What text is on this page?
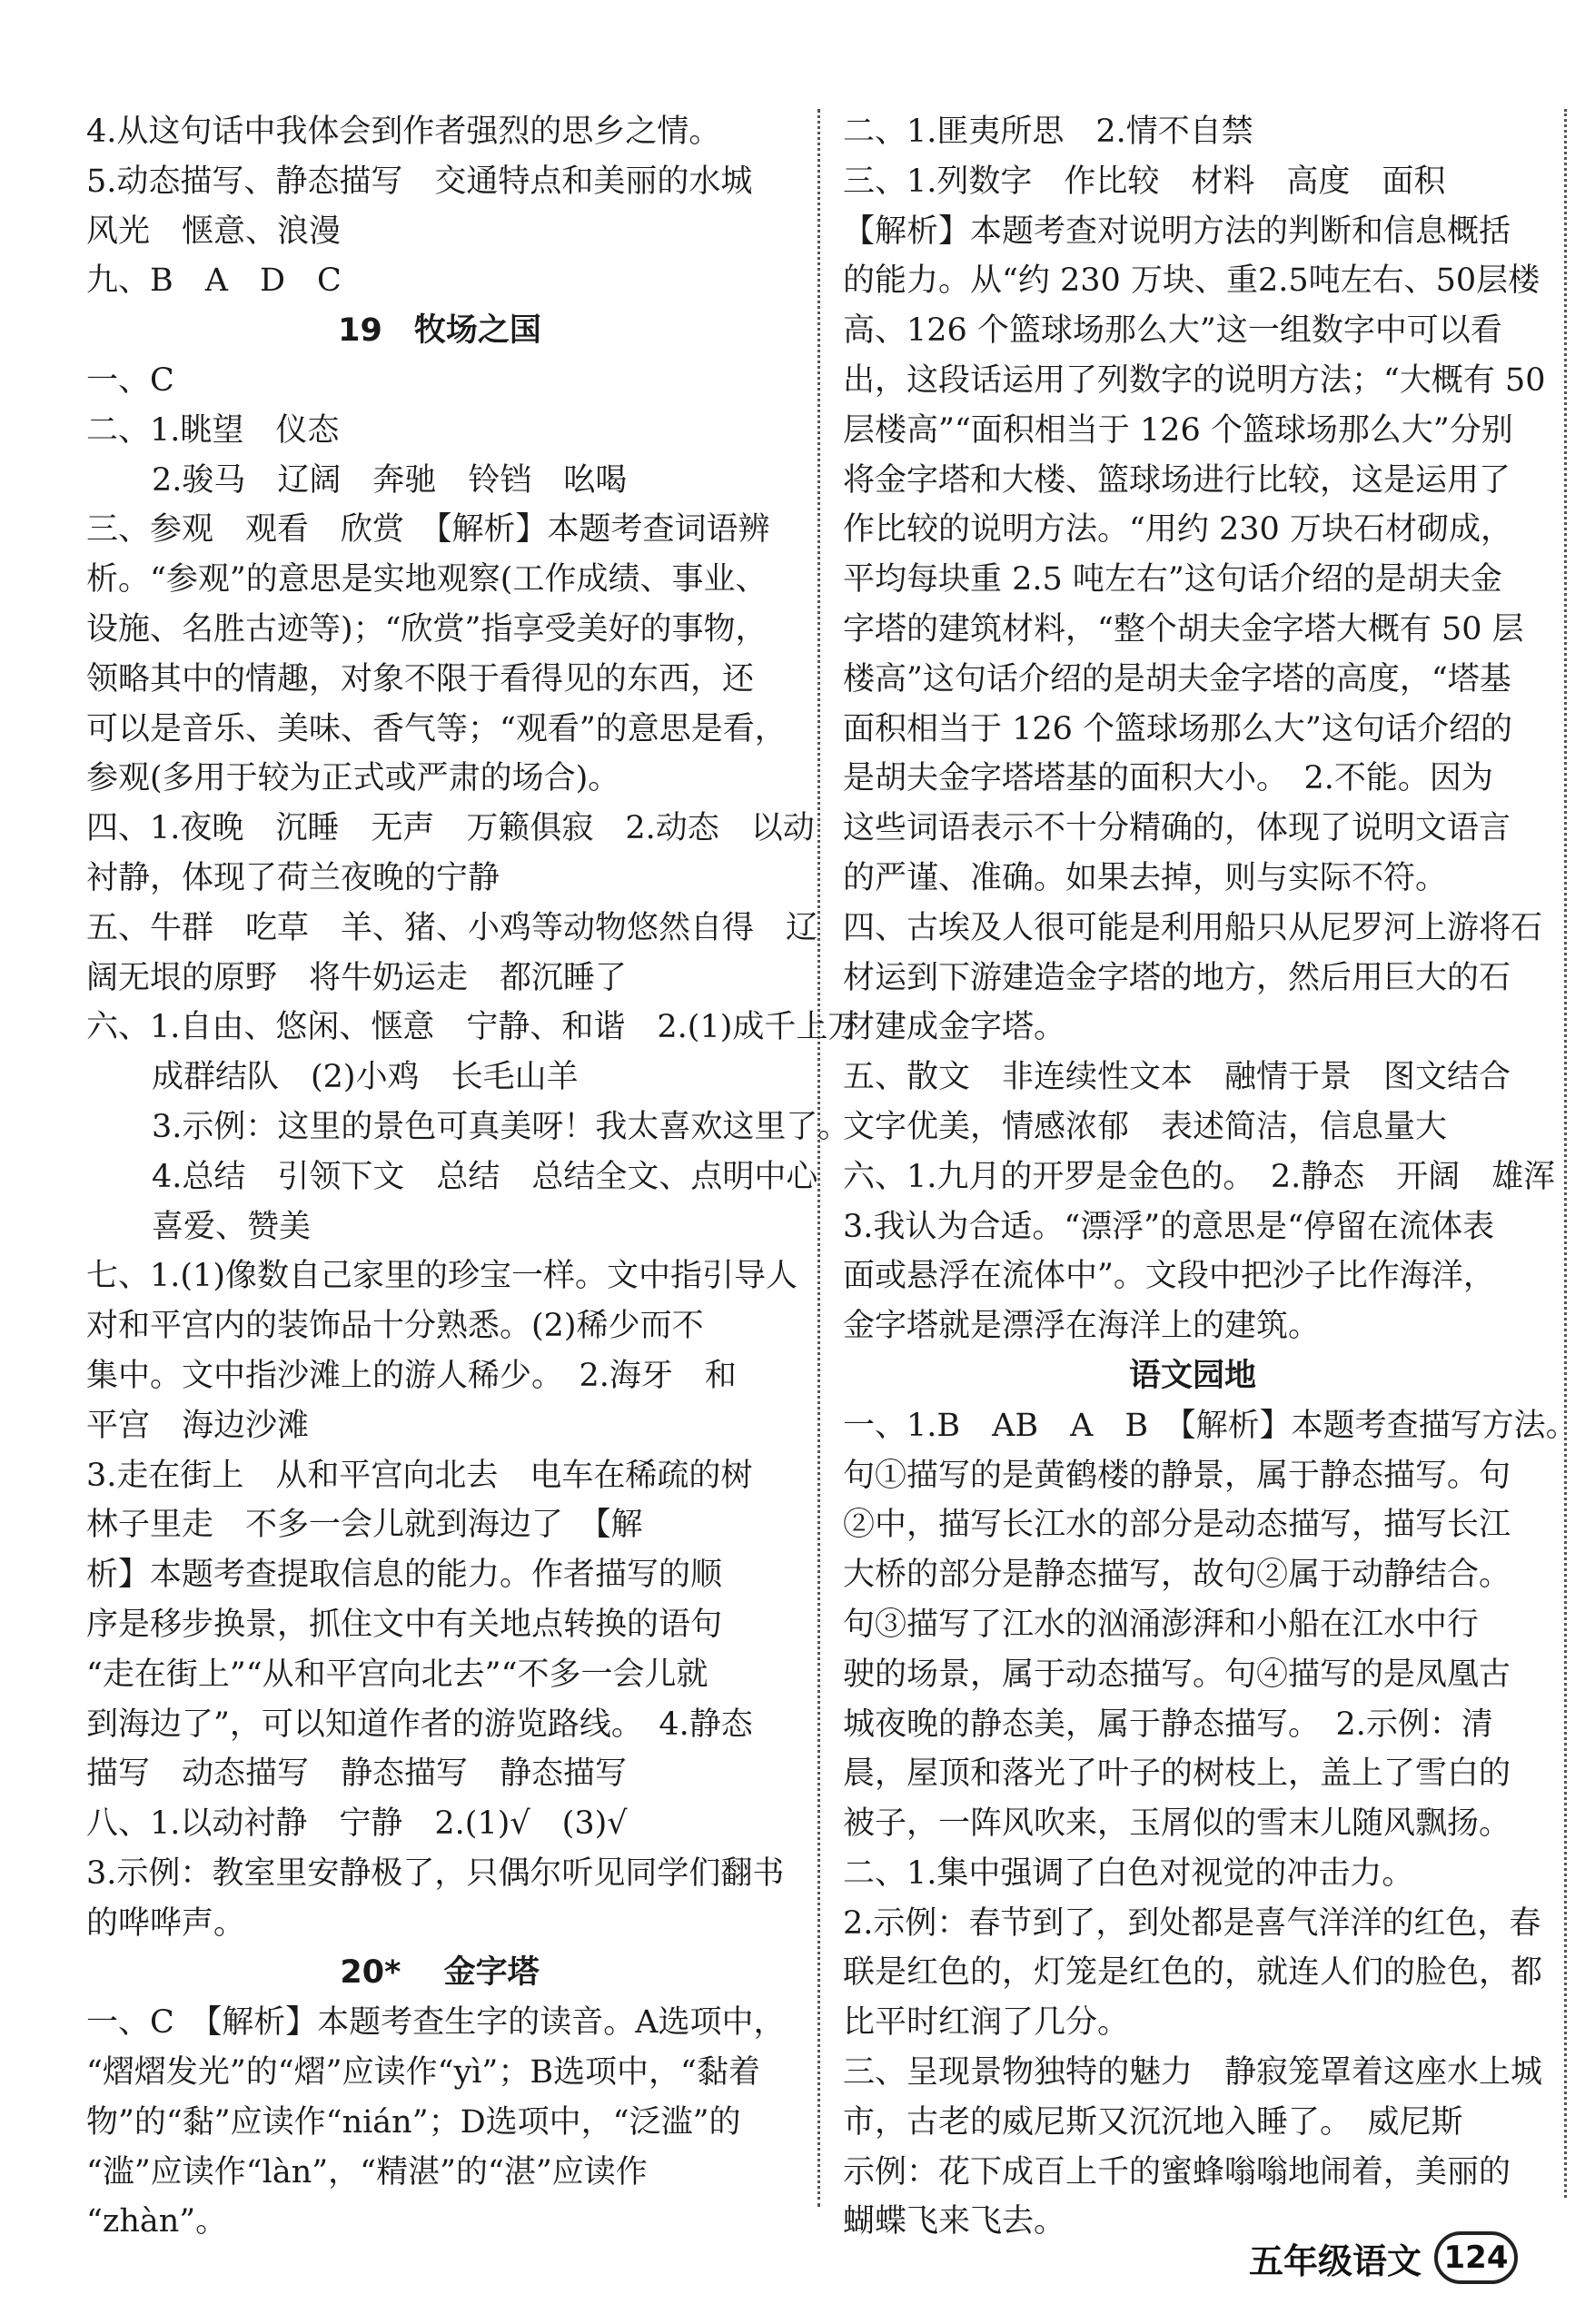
4.从这句话中我体会到作者强烈的思乡之情。
5.动态描写、静态描写　交通特点和美丽的水城
风光　惬意、浪漫
九、B　A　D　C
19　牧场之国
一、C
二、1.眺望　仪态
2.骏马　辽阔　奔驰　铃铛　吆喝
三、参观　观看　欣赏　【解析】本题考查词语辨
析。“参观”的意思是实地观察(工作成绩、事业、
设施、名胜古迹等)；“欣赏”指享受美好的事物，
领略其中的情趣，对象不限于看得见的东西，还
可以是音乐、美味、香气等；“观看”的意思是看，
参观(多用于较为正式或严肃的场合)。
四、1.夜晚　沉睡　无声　万籁俱寂　2.动态　以动
衬静，体现了荷兰夜晚的宁静
五、牛群　吃草　羊、猪、小鸡等动物悠然自得　辽
阔无垠的原野　将牛奶运走　都沉睡了
六、1.自由、悠闲、惬意　宁静、和谐　2.(1)成千上万
成群结队　(2)小鸡　长毛山羊
3.示例：这里的景色可真美呀！我太喜欢这里了。
4.总结　引领下文　总结　总结全文、点明中心
喜爱、赞美
七、1.(1)像数自己家里的珍宝一样。文中指引导人
对和平宫内的装饰品十分熟悉。(2)稀少而不
集中。文中指沙滩上的游人稀少。　2.海牙　和
平宫　海边沙滩
3.走在街上　从和平宫向北去　电车在稀疏的树
林子里走　不多一会儿就到海边了　【解
析】本题考查提取信息的能力。作者描写的顺
序是移步换景，抓住文中有关地点转换的语句
“走在街上”“从和平宫向北去”“不多一会儿就
到海边了”，可以知道作者的游览路线。　4.静态
描写　动态描写　静态描写　静态描写
八、1.以动衬静　宁静　2.(1)√　(3)√
3.示例：教室里安静极了，只偶尔听见同学们翻书
的哗哗声。
20* 　金字塔
一、C　【解析】本题考查生字的读音。A选项中，
“熠熠发光”的“熠”应读作“yì”；B选项中，“黏着
物”的“黏”应读作“nián”；D选项中，“泛滥”的
“滥”应读作“làn”，“精湛”的“湛”应读作
“zhàn”。
二、1.匪夷所思　2.情不自禁
三、1.列数字　作比较　材料　高度　面积
【解析】本题考查对说明方法的判断和信息概括
的能力。从“约 230 万块、重2.5吨左右、50层楼
高、126 个篮球场那么大”这一组数字中可以看
出，这段话运用了列数字的说明方法；“大概有 50
层楼高”“面积相当于 126 个篮球场那么大”分别
将金字塔和大楼、篮球场进行比较，这是运用了
作比较的说明方法。“用约 230 万块石材砌成，
平均每块重 2.5 吨左右”这句话介绍的是胡夫金
字塔的建筑材料，“整个胡夫金字塔大概有 50 层
楼高”这句话介绍的是胡夫金字塔的高度，“塔基
面积相当于 126 个篮球场那么大”这句话介绍的
是胡夫金字塔塔基的面积大小。　2.不能。因为
这些词语表示不十分精确的，体现了说明文语言
的严谨、准确。如果去掉，则与实际不符。
四、古埃及人很可能是利用船只从尼罗河上游将石
材运到下游建造金字塔的地方，然后用巨大的石
材建成金字塔。
五、散文　非连续性文本　融情于景　图文结合
文字优美，情感浓郁　表述简洁，信息量大
六、1.九月的开罗是金色的。　2.静态　开阔　雄浑
3.我认为合适。“漂浮”的意思是“停留在流体表
面或悬浮在流体中”。文段中把沙子比作海洋，
金字塔就是漂浮在海洋上的建筑。
语文园地
一、1.B　AB　A　B　【解析】本题考查描写方法。
句①描写的是黄鹤楼的静景，属于静态描写。句
②中，描写长江水的部分是动态描写，描写长江
大桥的部分是静态描写，故句②属于动静结合。
句③描写了江水的汹涌澎湃和小船在江水中行
驶的场景，属于动态描写。句④描写的是凤凰古
城夜晚的静态美，属于静态描写。　2.示例：清
晨，屋顶和落光了叶子的树枝上，盖上了雪白的
被子，一阵风吹来，玉屑似的雪末儿随风飘扬。
二、1.集中强调了白色对视觉的冲击力。
2.示例：春节到了，到处都是喜气洋洋的红色，春
联是红色的，灯笼是红色的，就连人们的脸色，都
比平时红润了几分。
三、呈现景物独特的魅力　静寂笼罩着这座水上城
市，古老的威尼斯又沉沉地入睡了。　威尼斯
示例：花下成百上千的蜜蜂嗡嗡地闹着，美丽的
蝴蝶飞来飞去。
五年级语文 124
